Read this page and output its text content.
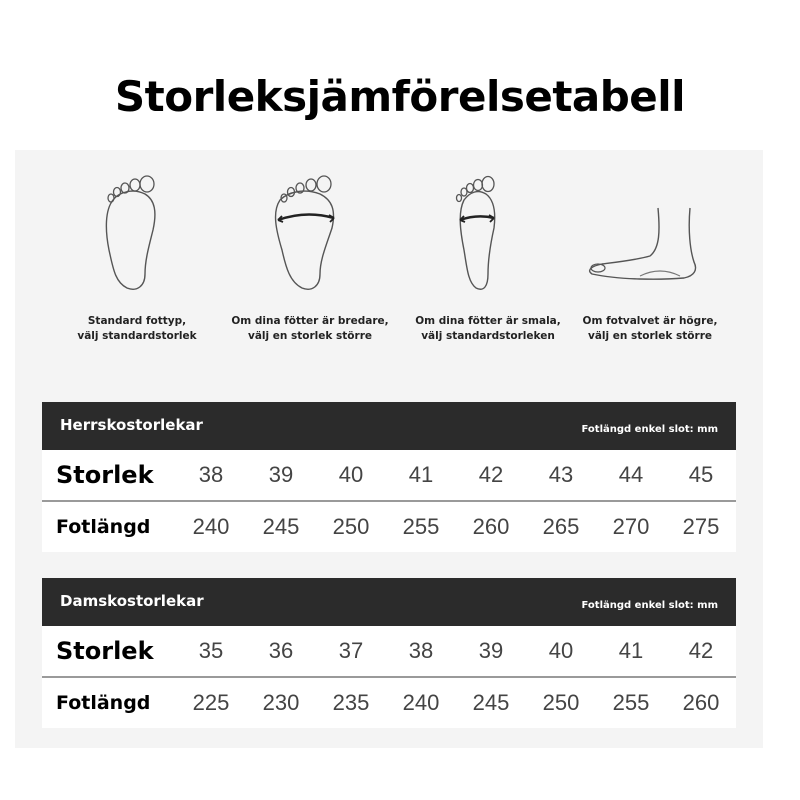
Storleksjämförelsetabell
Standard fottyp,
välj standardstorlek
Om dina fötter är bredare,
välj en storlek större
Om dina fötter är smala,
välj standardstorleken
Om fotvalvet är högre,
välj en storlek större
Herrskostorlekar	Fotlängd enkel slot: mm
Storlek	38	39	40	41	42	43	44	45
Fotlängd	240	245	250	255	260	265	270	275
Damskostorlekar	Fotlängd enkel slot: mm
Storlek	35	36	37	38	39	40	41	42
Fotlängd	225	230	235	240	245	250	255	260
